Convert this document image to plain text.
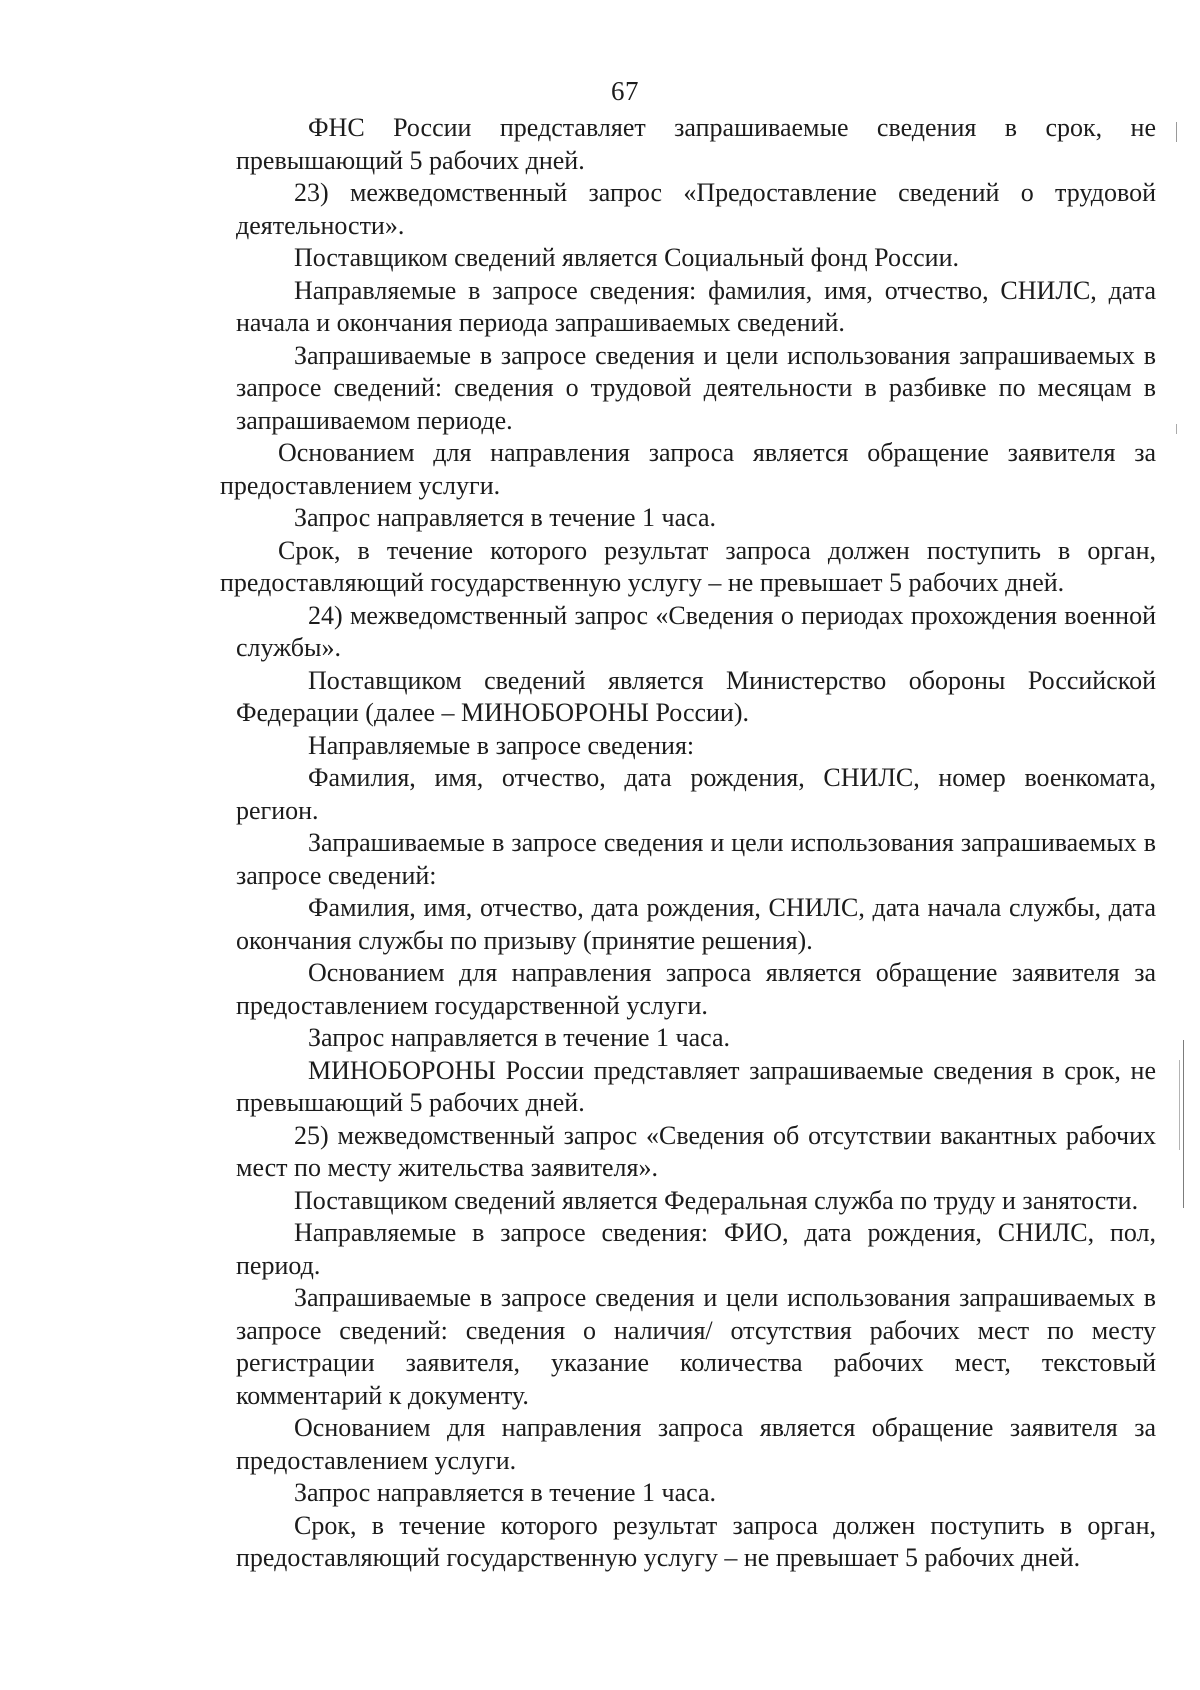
67

ФНС России представляет запрашиваемые сведения в срок, не превышающий 5 рабочих дней.

23) межведомственный запрос «Предоставление сведений о трудовой деятельности».

Поставщиком сведений является Социальный фонд России.

Направляемые в запросе сведения: фамилия, имя, отчество, СНИЛС, дата начала и окончания периода запрашиваемых сведений.

Запрашиваемые в запросе сведения и цели использования запрашиваемых в запросе сведений: сведения о трудовой деятельности в разбивке по месяцам в запрашиваемом периоде.

Основанием для направления запроса является обращение заявителя за предоставлением услуги.

Запрос направляется в течение 1 часа.

Срок, в течение которого результат запроса должен поступить в орган, предоставляющий государственную услугу – не превышает 5 рабочих дней.

24) межведомственный запрос «Сведения о периодах прохождения военной службы».

Поставщиком сведений является Министерство обороны Российской Федерации (далее – МИНОБОРОНЫ России).

Направляемые в запросе сведения:

Фамилия, имя, отчество, дата рождения, СНИЛС, номер военкомата, регион.

Запрашиваемые в запросе сведения и цели использования запрашиваемых в запросе сведений:

Фамилия, имя, отчество, дата рождения, СНИЛС, дата начала службы, дата окончания службы по призыву (принятие решения).

Основанием для направления запроса является обращение заявителя за предоставлением государственной услуги.

Запрос направляется в течение 1 часа.

МИНОБОРОНЫ России представляет запрашиваемые сведения в срок, не превышающий 5 рабочих дней.

25) межведомственный запрос «Сведения об отсутствии вакантных рабочих мест по месту жительства заявителя».

Поставщиком сведений является Федеральная служба по труду и занятости.

Направляемые в запросе сведения: ФИО, дата рождения, СНИЛС, пол, период.

Запрашиваемые в запросе сведения и цели использования запрашиваемых в запросе сведений: сведения о наличия/ отсутствия рабочих мест по месту регистрации заявителя, указание количества рабочих мест, текстовый комментарий к документу.

Основанием для направления запроса является обращение заявителя за предоставлением услуги.

Запрос направляется в течение 1 часа.

Срок, в течение которого результат запроса должен поступить в орган, предоставляющий государственную услугу – не превышает 5 рабочих дней.
